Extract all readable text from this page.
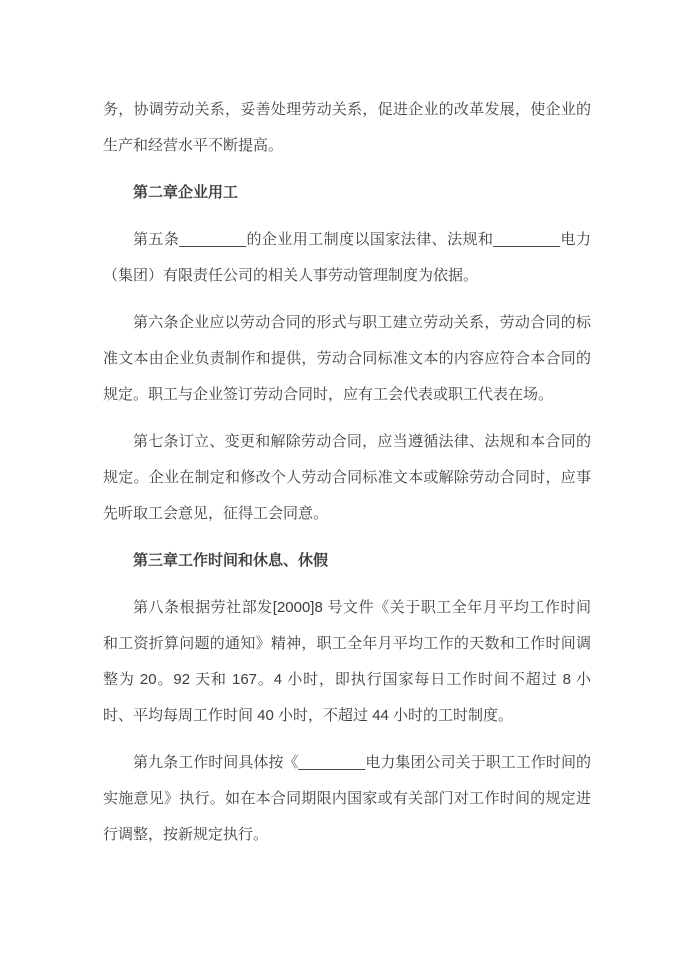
务，协调劳动关系，妥善处理劳动关系，促进企业的改革发展，使企业的生产和经营水平不断提高。

第二章企业用工

第五条________的企业用工制度以国家法律、法规和________电力（集团）有限责任公司的相关人事劳动管理制度为依据。

第六条企业应以劳动合同的形式与职工建立劳动关系，劳动合同的标准文本由企业负责制作和提供，劳动合同标准文本的内容应符合本合同的规定。职工与企业签订劳动合同时，应有工会代表或职工代表在场。

第七条订立、变更和解除劳动合同，应当遵循法律、法规和本合同的规定。企业在制定和修改个人劳动合同标准文本或解除劳动合同时，应事先听取工会意见，征得工会同意。

第三章工作时间和休息、休假

第八条根据劳社部发[2000]8 号文件《关于职工全年月平均工作时间和工资折算问题的通知》精神，职工全年月平均工作的天数和工作时间调整为 20。92 天和 167。4 小时，即执行国家每日工作时间不超过 8 小时、平均每周工作时间 40 小时，不超过 44 小时的工时制度。

第九条工作时间具体按《________电力集团公司关于职工工作时间的实施意见》执行。如在本合同期限内国家或有关部门对工作时间的规定进行调整，按新规定执行。
